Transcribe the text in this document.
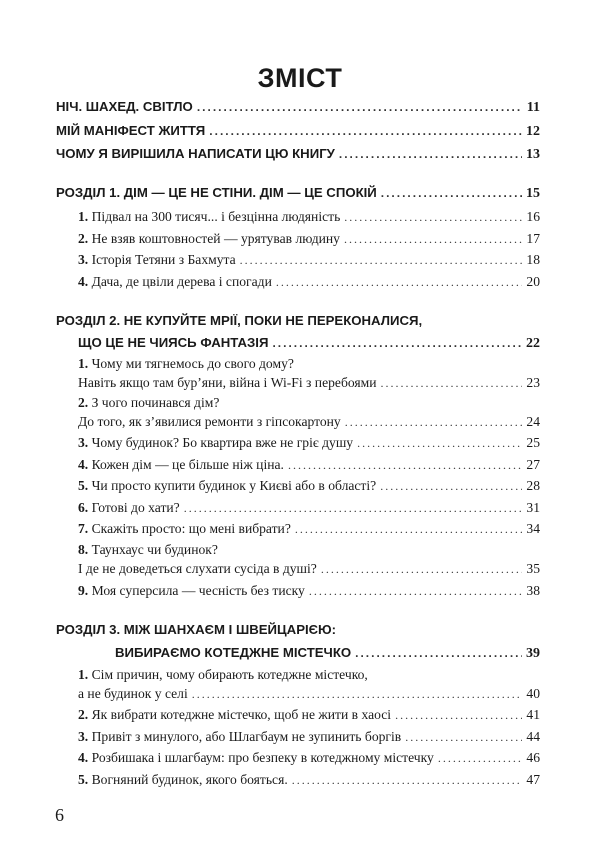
ЗМІСТ
НІЧ. ШАХЕД. СВІТЛО .....	11
МІЙ МАНІФЕСТ ЖИТТЯ .....	12
ЧОМУ Я ВИРІШИЛА НАПИСАТИ ЦЮ КНИГУ .....	13
РОЗДІЛ 1. ДІМ — ЦЕ НЕ СТІНИ. ДІМ — ЦЕ СПОКІЙ .....	15
1. Підвал на 300 тисяч... і безцінна людяність .....	16
2. Не взяв коштовностей — урятував людину .....	17
3. Історія Тетяни з Бахмута .....	18
4. Дача, де цвіли дерева і спогади .....	20
РОЗДІЛ 2. НЕ КУПУЙТЕ МРІЇ, ПОКИ НЕ ПЕРЕКОНАЛИСЯ,
ЩО ЦЕ НЕ ЧИЯСЬ ФАНТАЗІЯ .....	22
1. Чому ми тягнемось до свого дому?
Навіть якщо там бур’яни, війна і Wi-Fi з перебоями .....	23
2. З чого починався дім?
До того, як з’явилися ремонти з гіпсокартону .....	24
3. Чому будинок? Бо квартира вже не гріє душу .....	25
4. Кожен дім — це більше ніж ціна. .....	27
5. Чи просто купити будинок у Києві або в області? .....	28
6. Готові до хати? .....	31
7. Скажіть просто: що мені вибрати? .....	34
8. Таунхаус чи будинок?
І де не доведеться слухати сусіда в душі? .....	35
9. Моя суперсила — чесність без тиску .....	38
РОЗДІЛ 3. МІЖ ШАНХАЄМ І ШВЕЙЦАРІЄЮ:
ВИБИРАЄМО КОТЕДЖНЕ МІСТЕЧКО .....	39
1. Сім причин, чому обирають котеджне містечко,
а не будинок у селі .....	40
2. Як вибрати котеджне містечко, щоб не жити в хаосі .....	41
3. Привіт з минулого, або Шлагбаум не зупинить боргів .....	44
4. Розбишака і шлагбаум: про безпеку в котеджному містечку .....	46
5. Вогняний будинок, якого бояться. .....	47
6
